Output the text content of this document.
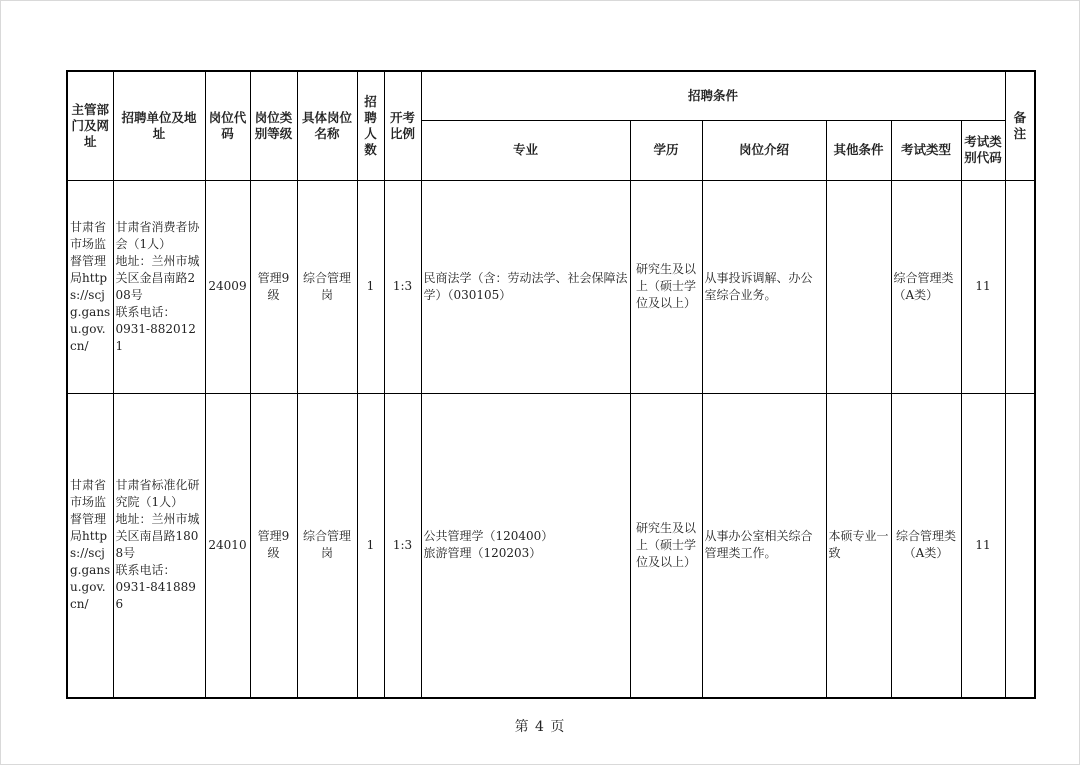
主管部门及网址	招聘单位及地址	岗位代码	岗位类别等级	具体岗位名称	招聘人数	开考比例	招聘条件						备注
							专业	学历	岗位介绍	其他条件	考试类型	考试类别代码	
甘肃省市场监督管理局https://scjg.gansu.gov.cn/	甘肃省消费者协会（1人）
地址：兰州市城关区金昌南路208号
联系电话：
0931-8820121	24009	管理9级	综合管理岗	1	1:3	民商法学（含：劳动法学、社会保障法学）（030105）	研究生及以上（硕士学位及以上）	从事投诉调解、办公室综合业务。		综合管理类（A类）	11	
甘肃省市场监督管理局https://scjg.gansu.gov.cn/	甘肃省标准化研究院（1人）
地址：兰州市城关区南昌路1808号
联系电话：
0931-8418896	24010	管理9级	综合管理岗	1	1:3	公共管理学（120400）
旅游管理（120203）	研究生及以上（硕士学位及以上）	从事办公室相关综合管理类工作。	本硕专业一致	综合管理类（A类）	11	
第 4 页
